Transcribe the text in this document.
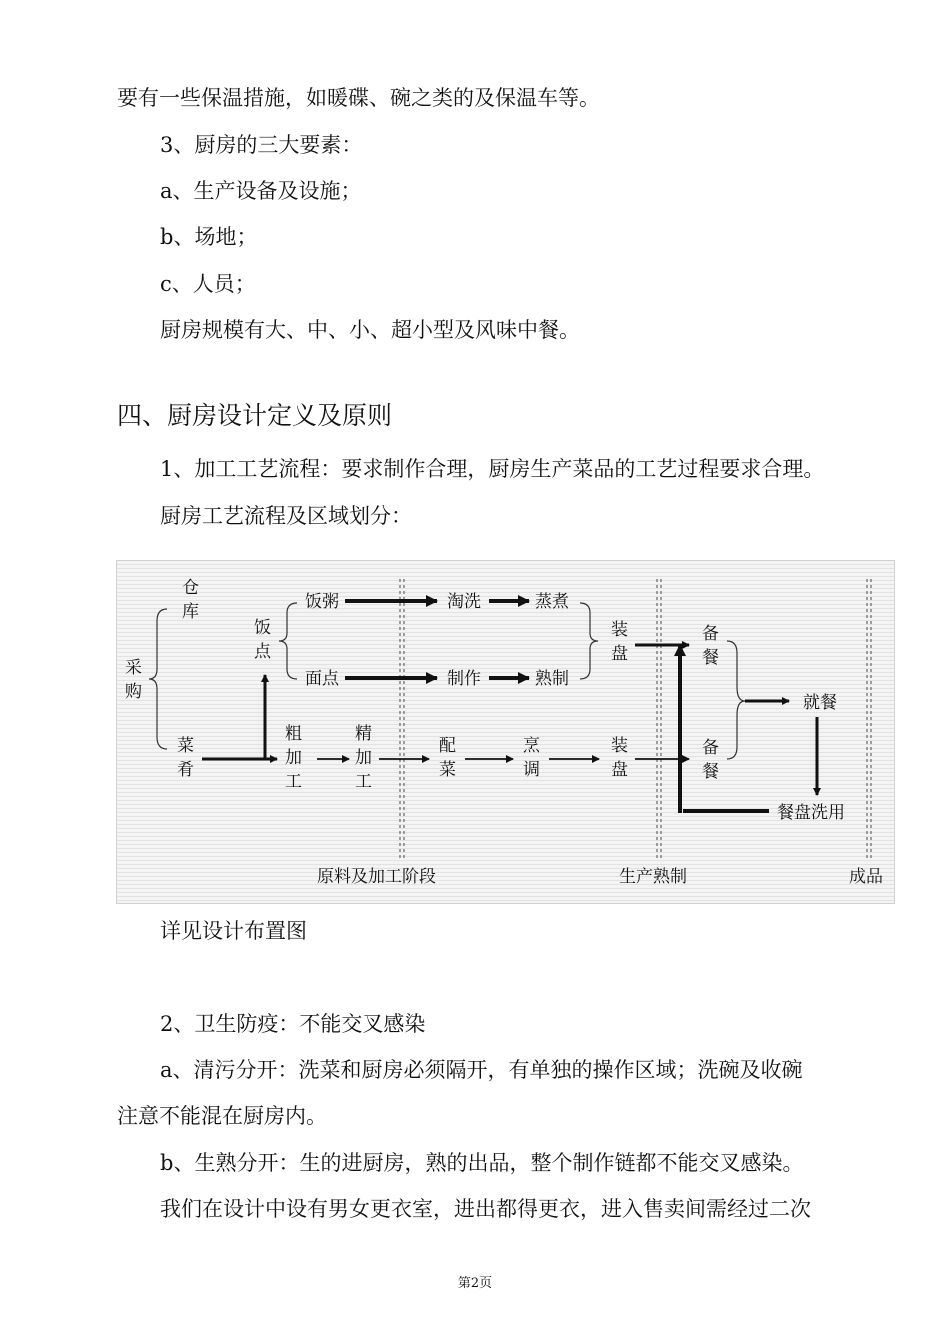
要有一些保温措施，如暖碟、碗之类的及保温车等。
3、厨房的三大要素：
a、生产设备及设施；
b、场地；
c、人员；
厨房规模有大、中、小、超小型及风味中餐。
四、厨房设计定义及原则
1、加工工艺流程：要求制作合理，厨房生产菜品的工艺过程要求合理。
厨房工艺流程及区域划分：
采
购
仓
库
菜
肴
饭
点
饭粥
面点
淘洗	蒸煮
制作	熟制
装
盘
粗
加
工
精
加
工
配
菜
烹
调
装
盘
备
餐
备
餐
就餐
餐盘洗用
原料及加工阶段	生产熟制	成品
详见设计布置图
2、卫生防疫：不能交叉感染
a、清污分开：洗菜和厨房必须隔开，有单独的操作区域；洗碗及收碗
注意不能混在厨房内。
b、生熟分开：生的进厨房，熟的出品，整个制作链都不能交叉感染。
我们在设计中设有男女更衣室，进出都得更衣，进入售卖间需经过二次
第2页
